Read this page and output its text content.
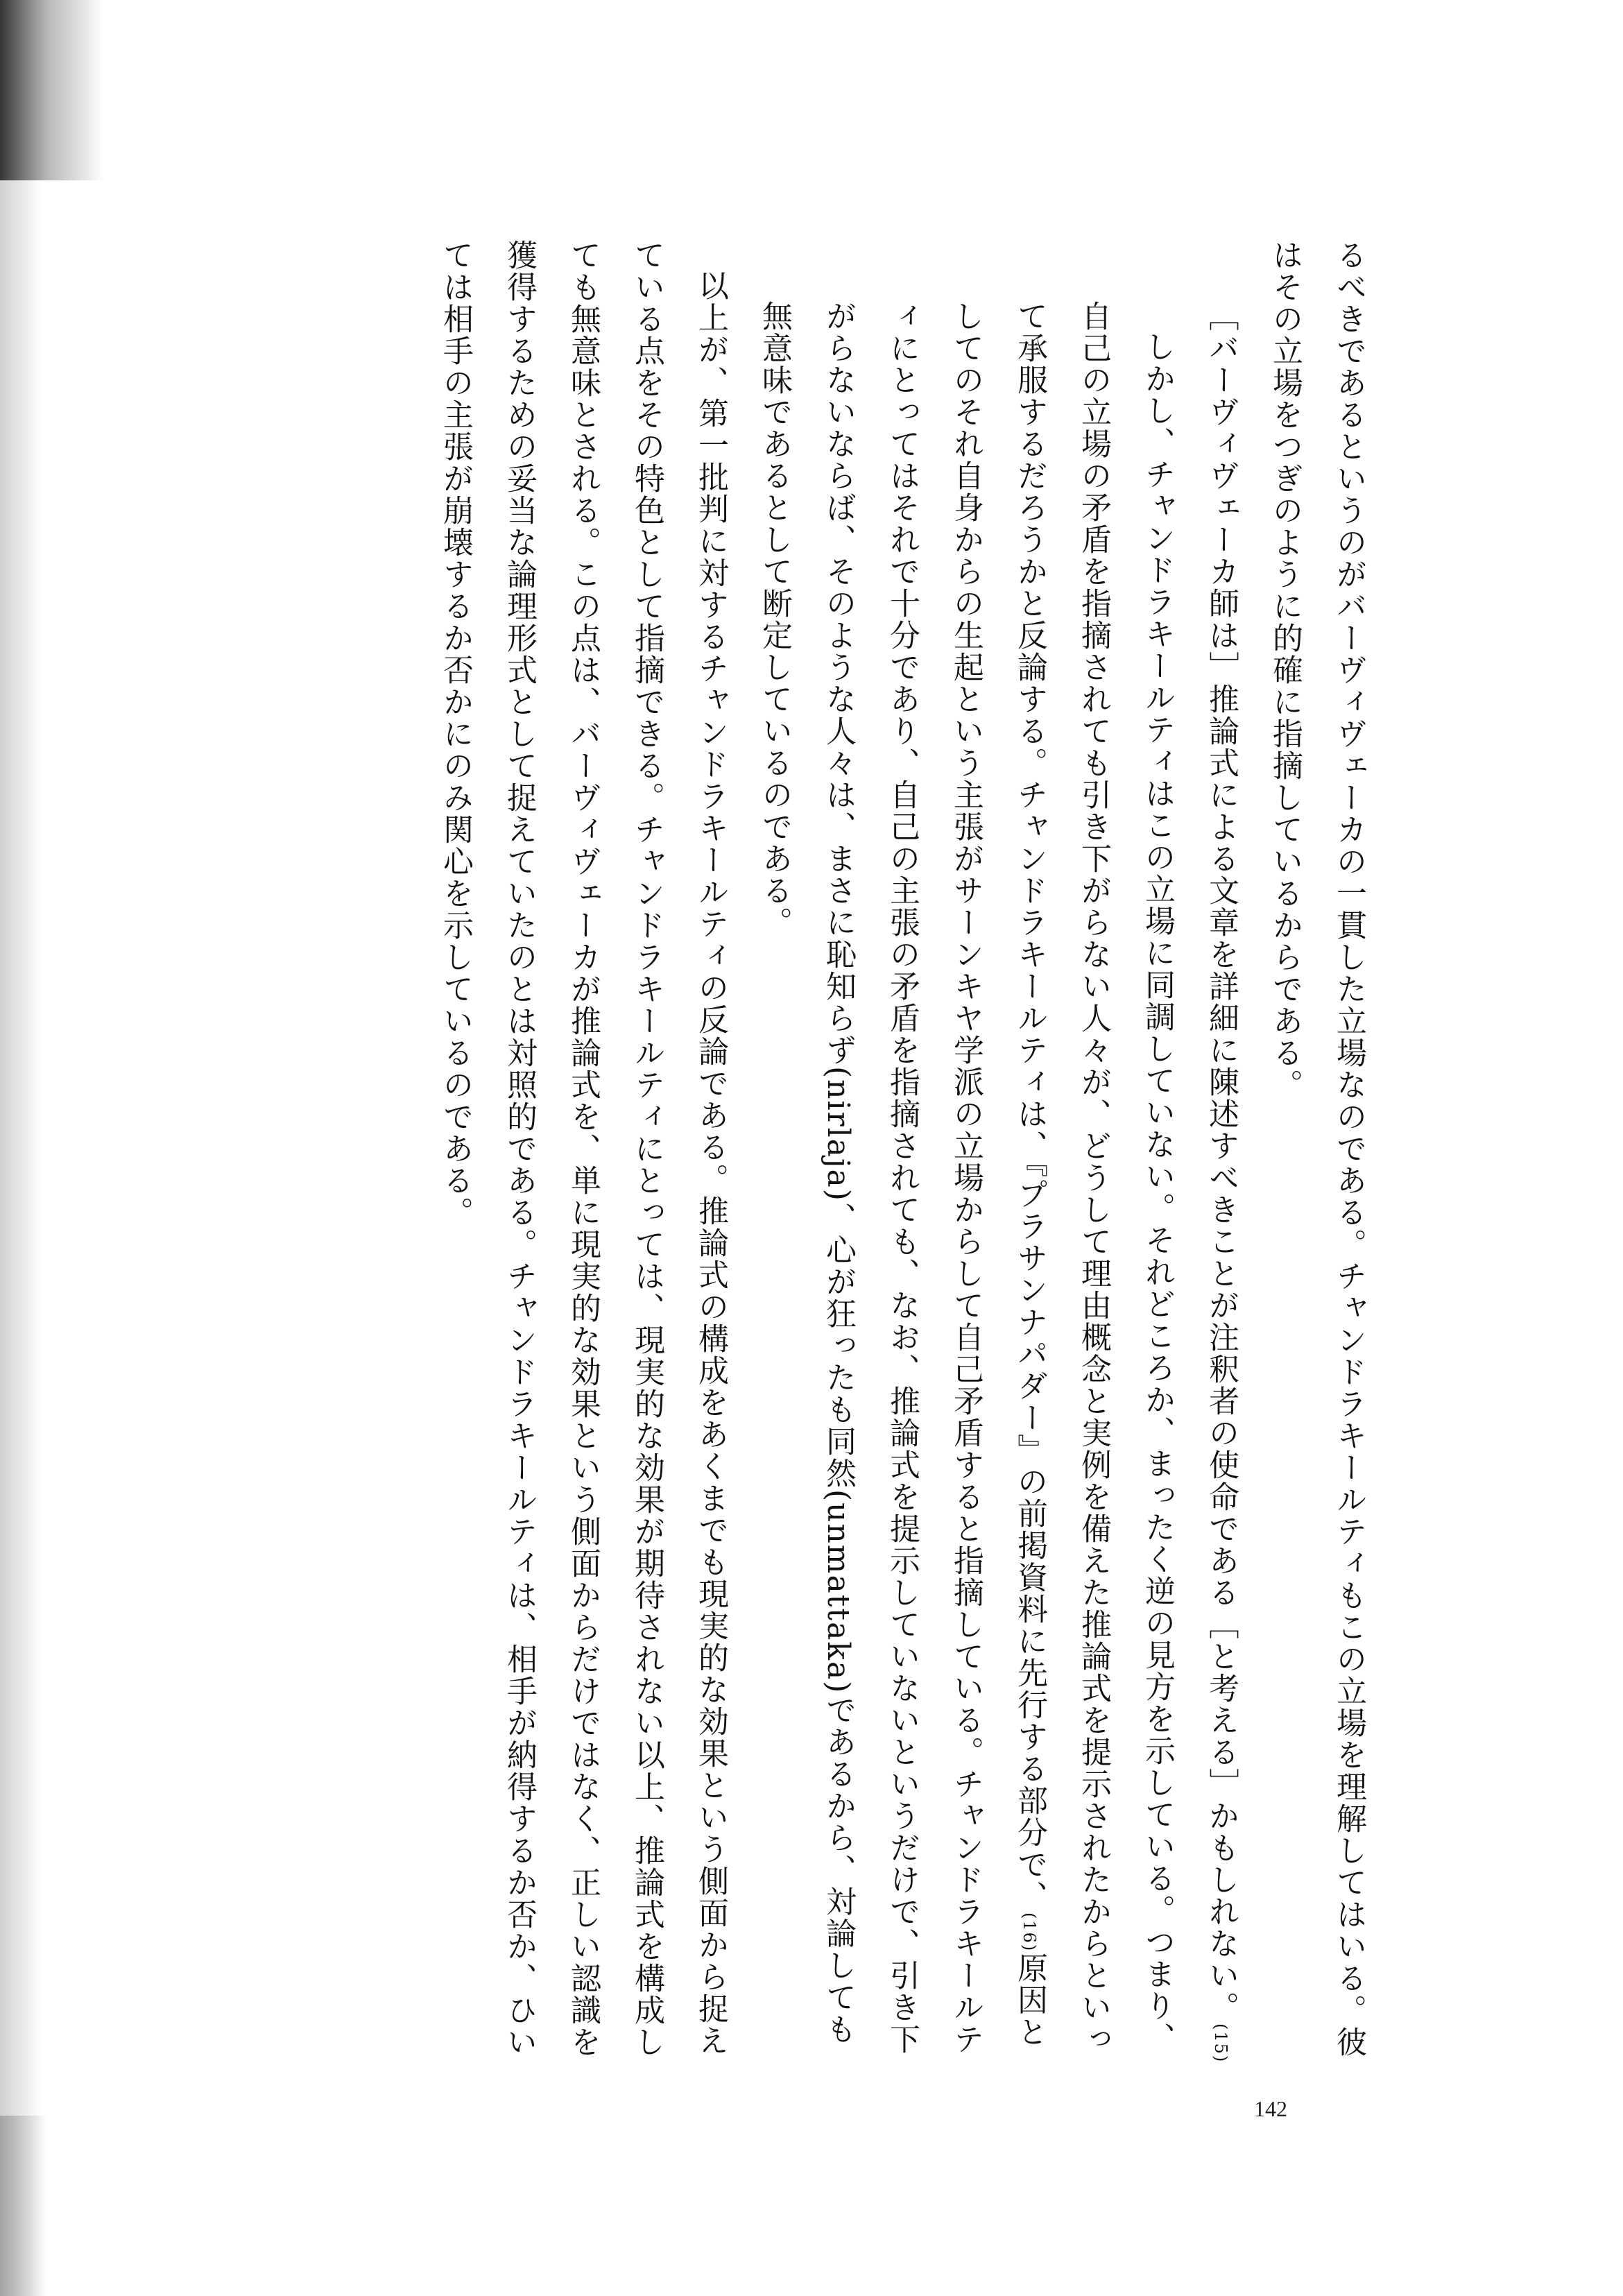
るべきであるというのがバーヴィヴェーカの一貫した立場なのである。チャンドラキールティもこの立場を理解してはいる。彼はその立場をつぎのように的確に指摘しているからである。

［バーヴィヴェーカ師は］推論式による文章を詳細に陳述すべきことが注釈者の使命である［と考える］かもしれない。(15)

しかし、チャンドラキールティはこの立場に同調していない。それどころか、まったく逆の見方を示している。つまり、自己の立場の矛盾を指摘されても引き下がらない人々が、どうして理由概念と実例を備えた推論式を提示されたからといって承服するだろうかと反論する。チャンドラキールティは、『プラサンナパダー』の前掲資料に先行する部分で、(16)原因としてのそれ自身からの生起という主張がサーンキヤ学派の立場からして自己矛盾すると指摘している。チャンドラキールティにとってはそれで十分であり、自己の主張の矛盾を指摘されても、なお、推論式を提示していないというだけで、引き下がらないならば、そのような人々は、まさに恥知らず(nirlaja)、心が狂ったも同然(unmattaka)であるから、対論しても無意味であるとして断定しているのである。

以上が、第一批判に対するチャンドラキールティの反論である。推論式の構成をあくまでも現実的な効果という側面から捉えている点をその特色として指摘できる。チャンドラキールティにとっては、現実的な効果が期待されない以上、推論式を構成しても無意味とされる。この点は、バーヴィヴェーカが推論式を、単に現実的な効果という側面からだけではなく、正しい認識を獲得するための妥当な論理形式として捉えていたのとは対照的である。チャンドラキールティは、相手が納得するか否か、ひいては相手の主張が崩壊するか否かにのみ関心を示しているのである。

142
